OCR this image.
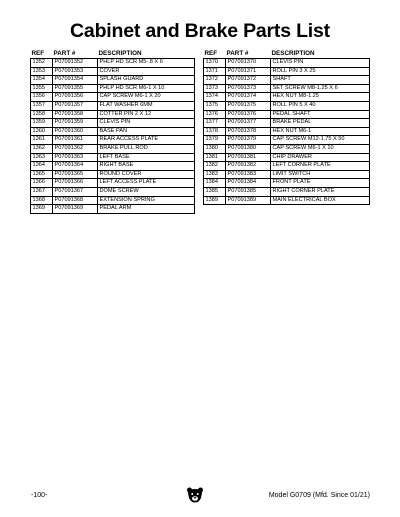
Cabinet and Brake Parts List
REF	PART #	DESCRIPTION
1352	P07091352	PHLP HD SCR M5-.8 X 6
1353	P07091353	COVER
1354	P07091354	SPLASH GUARD
1355	P07091355	PHLP HD SCR M6-1 X 10
1356	P07091356	CAP SCREW M6-1 X 20
1357	P07091357	FLAT WASHER 6MM
1358	P07091358	COTTER PIN 2 X 12
1359	P07091359	CLEVIS PIN
1360	P07091360	BASE PAN
1361	P07091361	REAR ACCESS PLATE
1362	P07091362	BRAKE PULL ROD
1363	P07091363	LEFT BASE
1364	P07091364	RIGHT BASE
1365	P07091365	ROUND COVER
1366	P07091366	LEFT ACCESS PLATE
1367	P07091367	DOME SCREW
1368	P07091368	EXTENSION SPRING
1369	P07091369	PEDAL ARM
REF	PART #	DESCRIPTION
1370	P07091370	CLEVIS PIN
1371	P07091371	ROLL PIN 3 X 25
1372	P07091372	SHAFT
1373	P07091373	SET SCREW M8-1.25 X 6
1374	P07091374	HEX NUT M8-1.25
1375	P07091375	ROLL PIN 5 X 40
1376	P07091376	PEDAL SHAFT
1377	P07091377	BRAKE PEDAL
1378	P07091378	HEX NUT M6-1
1379	P07091379	CAP SCREW M12-1.75 X 50
1380	P07091380	CAP SCREW M6-1 X 10
1381	P07091381	CHIP DRAWER
1382	P07091382	LEFT CORNER PLATE
1383	P07091383	LIMIT SWITCH
1384	P07091384	FRONT PLATE
1385	P07091385	RIGHT CORNER PLATE
1389	P07091389	MAIN ELECTRICAL BOX
-100-	Model G0709 (Mfd. Since 01/21)
